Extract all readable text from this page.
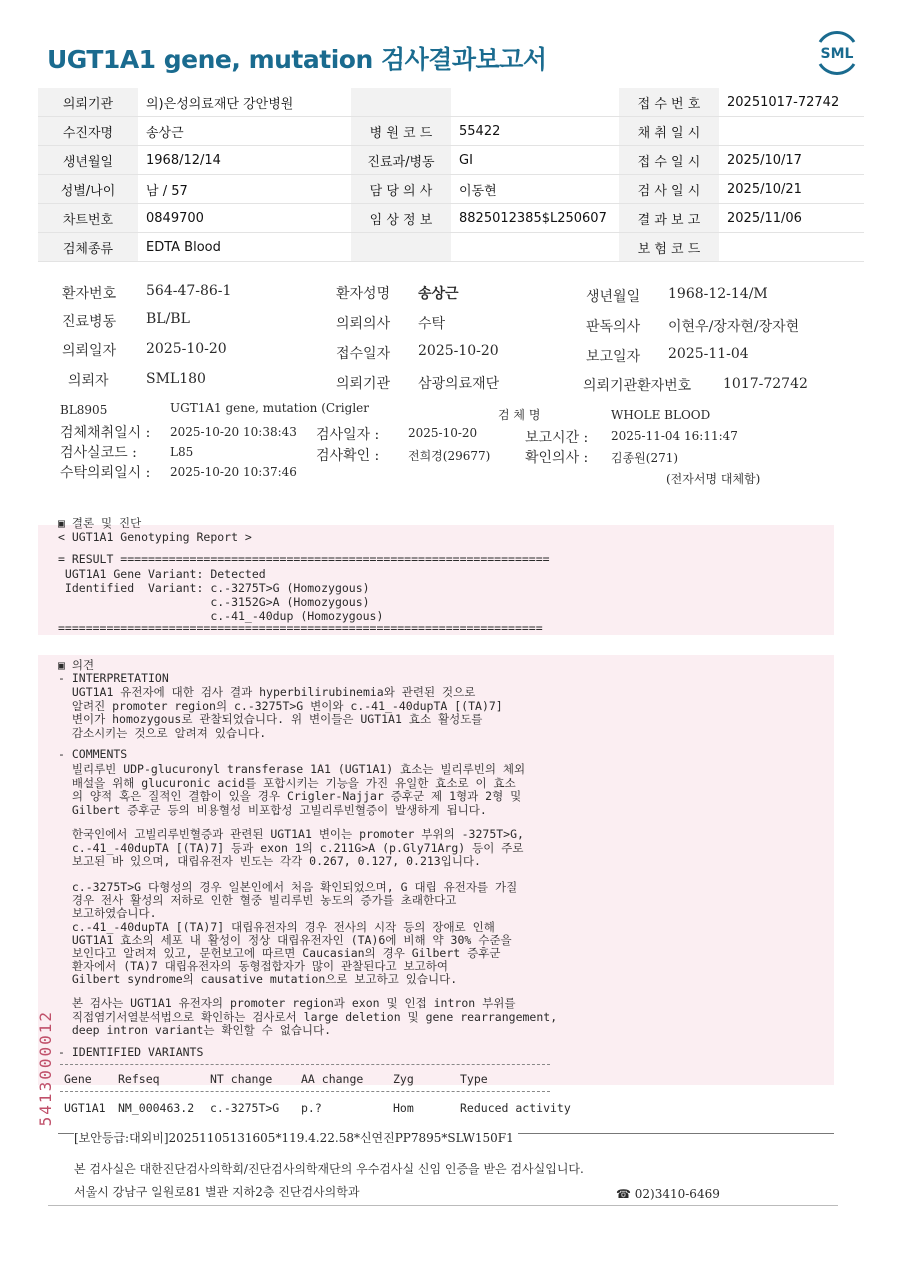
UGT1A1 gene, mutation 검사결과보고서	SML
의뢰기관	의)은성의료재단 강안병원			접 수 번 호	20251017-72742
수진자명	송상근	병 원 코 드	55422	채 취 일 시	
생년월일	1968/12/14	진료과/병동	GI	접 수 일 시	2025/10/17
성별/나이	남 / 57	담 당 의 사	이동현	검 사 일 시	2025/10/21
차트번호	0849700	임 상 정 보	8825012385$L250607	결 과 보 고	2025/11/06
검체종류	EDTA Blood			보 험 코 드	
환자번호 564-47-86-1	환자성명 송상근	생년월일 1968-12-14/M
진료병동 BL/BL	의뢰의사 수탁	판독의사 이현우/장자현/장자현
의뢰일자 2025-10-20	접수일자 2025-10-20	보고일자 2025-11-04
의뢰자	SML180	의뢰기관 삼광의료재단	의뢰기관환자번호 1017-72742
BL8905	UGT1A1 gene, mutation (Crigler	검 체 명	WHOLE BLOOD
검체채취일시 : 2025-10-20 10:38:43 검사일자 : 2025-10-20	보고시간 : 2025-11-04 16:11:47
검사실코드 :	L85	검사확인 : 전희경(29677) 확인의사 : 김종원(271)
수탁의뢰일시 : 2025-10-20 10:37:46	(전자서명 대체함)
▣ 결론 및 진단
< UGT1A1 Genotyping Report >
= RESULT ==============================================================
UGT1A1 Gene Variant: Detected
Identified  Variant: c.-3275T>G (Homozygous)
c.-3152G>A (Homozygous)
c.-41_-40dup (Homozygous)
======================================================================
▣ 의견
- INTERPRETATION
UGT1A1 유전자에 대한 검사 결과 hyperbilirubinemia와 관련된 것으로
알려진 promoter region의 c.-3275T>G 변이와 c.-41_-40dupTA [(TA)7]
변이가 homozygous로 관찰되었습니다. 위 변이들은 UGT1A1 효소 활성도를
감소시키는 것으로 알려져 있습니다.
- COMMENTS
빌리루빈 UDP-glucuronyl transferase 1A1 (UGT1A1) 효소는 빌리루빈의 체외
배설을 위해 glucuronic acid를 포합시키는 기능을 가진 유일한 효소로 이 효소
의 양적 혹은 질적인 결함이 있을 경우 Crigler-Najjar 증후군 제 1형과 2형 및
Gilbert 증후군 등의 비용혈성 비포합성 고빌리루빈혈증이 발생하게 됩니다.
한국인에서 고빌리루빈혈증과 관련된 UGT1A1 변이는 promoter 부위의 -3275T>G,
c.-41_-40dupTA [(TA)7] 등과 exon 1의 c.211G>A (p.Gly71Arg) 등이 주로
보고된 바 있으며, 대립유전자 빈도는 각각 0.267, 0.127, 0.213입니다.
c.-3275T>G 다형성의 경우 일본인에서 처음 확인되었으며, G 대립 유전자를 가질
경우 전사 활성의 저하로 인한 혈중 빌리루빈 농도의 증가를 초래한다고
보고하였습니다.
c.-41_-40dupTA [(TA)7] 대립유전자의 경우 전사의 시작 등의 장애로 인해
UGT1A1 효소의 세포 내 활성이 정상 대립유전자인 (TA)6에 비해 약 30% 수준을
보인다고 알려져 있고, 문헌보고에 따르면 Caucasian의 경우 Gilbert 증후군
환자에서 (TA)7 대립유전자의 동형접합자가 많이 관찰된다고 보고하여
Gilbert syndrome의 causative mutation으로 보고하고 있습니다.
본 검사는 UGT1A1 유전자의 promoter region과 exon 및 인접 intron 부위를
직접염기서열분석법으로 확인하는 검사로서 large deletion 및 gene rearrangement,
deep intron variant는 확인할 수 없습니다.
5413000012 - IDENTIFIED VARIANTS
Gene Refseq	NT change AA change	Zyg	Type
UGT1A1 NM_000463.2 c.-3275T>G p.?	Hom	Reduced activity
[보안등급:대외비]20251105131605*119.4.22.58*신연진PP7895*SLW150F1
본 검사실은 대한진단검사의학회/진단검사의학재단의 우수검사실 신임 인증을 받은 검사실입니다.
서울시 강남구 일원로81 별관 지하2층 진단검사의학과	☎ 02)3410-6469
